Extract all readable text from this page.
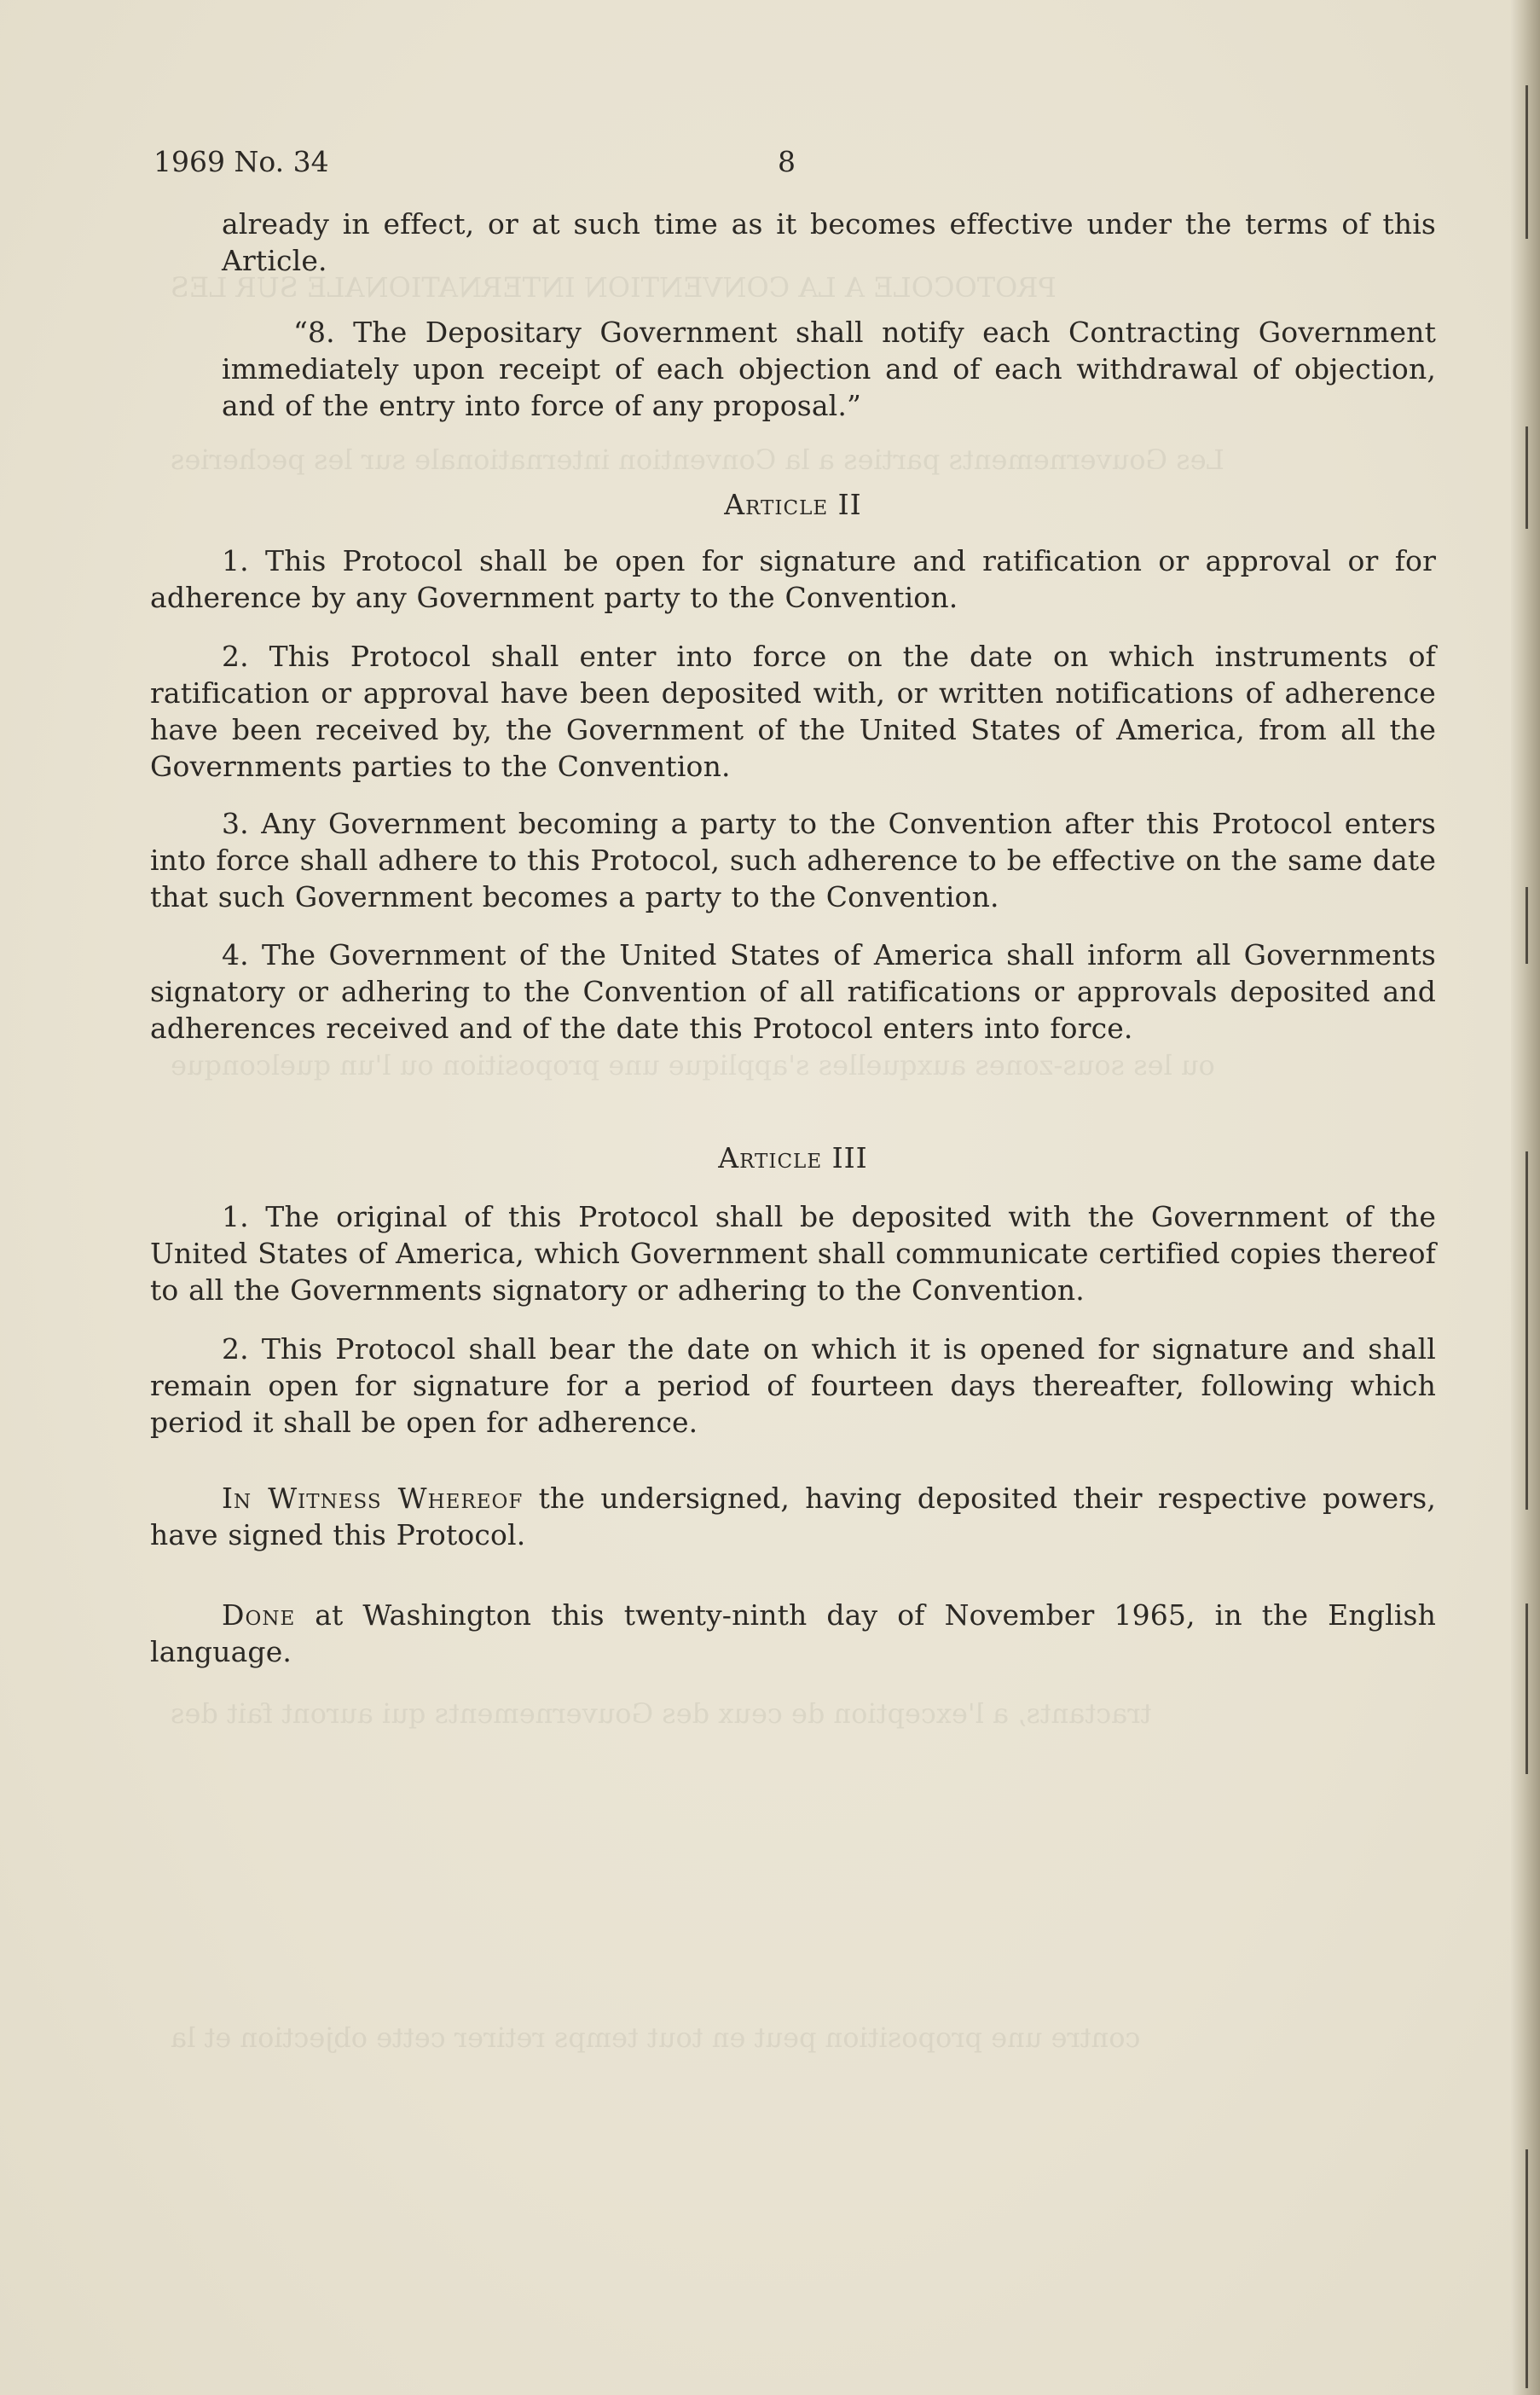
PROTOCOLE A LA CONVENTION INTERNATIONALE SUR LES
Les Gouvernements parties a la Convention internationale sur les pecheries
ou les sous-zones auxquelles s'applique une proposition ou l'un quelconque
tractants, a l'exception de ceux des Gouvernements qui auront fait des
contre une proposition peut en tout temps retirer cette objection et la
1969 No. 34	8

already in effect, or at such time as it becomes effective under the terms of this Article.

“8. The Depositary Government shall notify each Contracting Government immediately upon receipt of each objection and of each withdrawal of objection, and of the entry into force of any proposal.”

Article II

1. This Protocol shall be open for signature and ratification or approval or for adherence by any Government party to the Convention.

2. This Protocol shall enter into force on the date on which instruments of ratification or approval have been deposited with, or written notifications of adherence have been received by, the Government of the United States of America, from all the Governments parties to the Convention.

3. Any Government becoming a party to the Convention after this Protocol enters into force shall adhere to this Protocol, such adherence to be effective on the same date that such Government becomes a party to the Convention.

4. The Government of the United States of America shall inform all Governments signatory or adhering to the Convention of all ratifications or approvals deposited and adherences received and of the date this Protocol enters into force.

Article III

1. The original of this Protocol shall be deposited with the Government of the United States of America, which Government shall communicate certified copies thereof to all the Governments signatory or adhering to the Convention.

2. This Protocol shall bear the date on which it is opened for signature and shall remain open for signature for a period of fourteen days thereafter, following which period it shall be open for adherence.

In Witness Whereof the undersigned, having deposited their respective powers, have signed this Protocol.

Done at Washington this twenty-ninth day of November 1965, in the English language.
